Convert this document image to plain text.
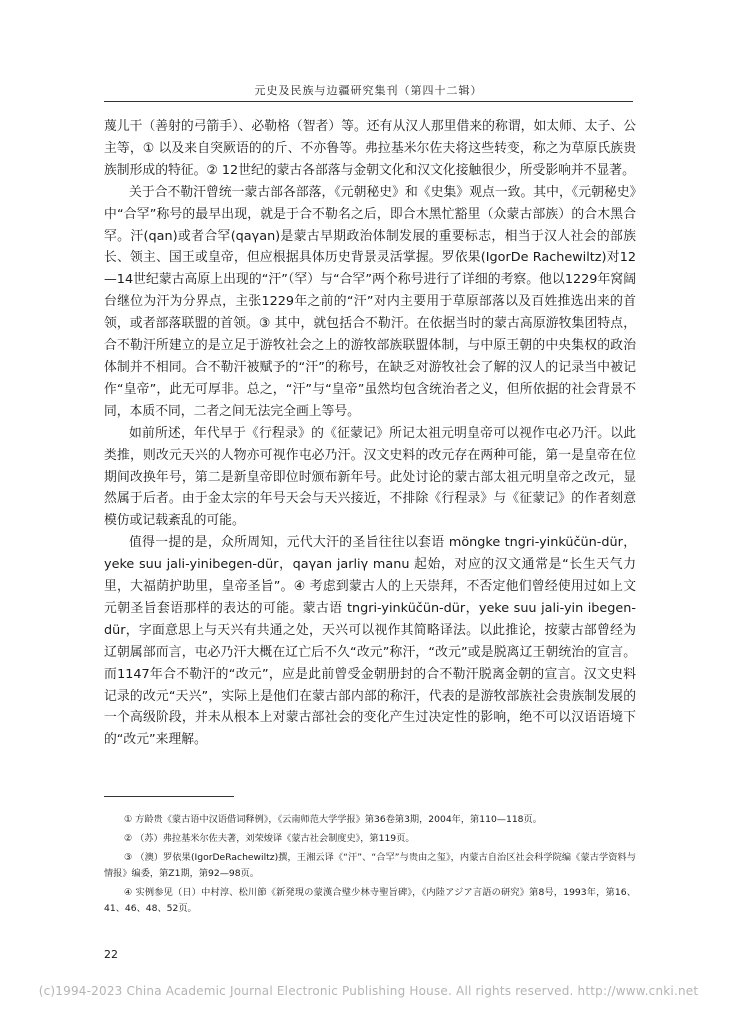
元史及民族与边疆研究集刊（第四十二辑）

蔑儿干（善射的弓箭手）、必勒格（智者）等。还有从汉人那里借来的称谓，如太师、太子、公主等，① 以及来自突厥语的的斤、不亦鲁等。弗拉基米尔佐夫将这些转变，称之为草原氏族贵族制形成的特征。② 12世纪的蒙古各部落与金朝文化和汉文化接触很少，所受影响并不显著。

关于合不勒汗曾统一蒙古部各部落，《元朝秘史》和《史集》观点一致。其中，《元朝秘史》中“合罕”称号的最早出现，就是于合不勒名之后，即合木黑忙豁里（众蒙古部族）的合木黑合罕。汗(qan)或者合罕(qaγan)是蒙古早期政治体制发展的重要标志，相当于汉人社会的部族长、领主、国王或皇帝，但应根据具体历史背景灵活掌握。罗依果(IgorDe Rachewiltz)对12—14世纪蒙古高原上出现的“汗”（罕）与“合罕”两个称号进行了详细的考察。他以1229年窝阔台继位为汗为分界点，主张1229年之前的“汗”对内主要用于草原部落以及百姓推选出来的首领，或者部落联盟的首领。③ 其中，就包括合不勒汗。在依据当时的蒙古高原游牧集团特点，合不勒汗所建立的是立足于游牧社会之上的游牧部族联盟体制，与中原王朝的中央集权的政治体制并不相同。合不勒汗被赋予的“汗”的称号，在缺乏对游牧社会了解的汉人的记录当中被记作“皇帝”，此无可厚非。总之，“汗”与“皇帝”虽然均包含统治者之义，但所依据的社会背景不同，本质不同，二者之间无法完全画上等号。

如前所述，年代早于《行程录》的《征蒙记》所记太祖元明皇帝可以视作屯必乃汗。以此类推，则改元天兴的人物亦可视作屯必乃汗。汉文史料的改元存在两种可能，第一是皇帝在位期间改换年号，第二是新皇帝即位时颁布新年号。此处讨论的蒙古部太祖元明皇帝之改元，显然属于后者。由于金太宗的年号天会与天兴接近，不排除《行程录》与《征蒙记》的作者刻意模仿或记载紊乱的可能。

值得一提的是，众所周知，元代大汗的圣旨往往以套语 möngke tngri-yinküčün-dür，yeke suu jali-yinibegen-dür，qaγan jarliγ manu 起始，对应的汉文通常是“长生天气力里，大福荫护助里，皇帝圣旨”。④ 考虑到蒙古人的上天崇拜，不否定他们曾经使用过如上文元朝圣旨套语那样的表达的可能。蒙古语 tngri-yinküčün-dür，yeke suu jali-yin ibegen-dür，字面意思上与天兴有共通之处，天兴可以视作其简略译法。以此推论，按蒙古部曾经为辽朝属部而言，屯必乃汗大概在辽亡后不久“改元”称汗，“改元”或是脱离辽王朝统治的宣言。而1147年合不勒汗的“改元”，应是此前曾受金朝册封的合不勒汗脱离金朝的宣言。汉文史料记录的改元“天兴”，实际上是他们在蒙古部内部的称汗，代表的是游牧部族社会贵族制发展的一个高级阶段，并未从根本上对蒙古部社会的变化产生过决定性的影响，绝不可以汉语语境下的“改元”来理解。

① 方龄贵《蒙古语中汉语借词释例》，《云南师范大学学报》第36卷第3期，2004年，第110—118页。

② （苏）弗拉基米尔佐夫著，刘荣焌译《蒙古社会制度史》，第119页。

③ （澳）罗依果(IgorDeRachewiltz)撰，王湘云译《“汗”、“合罕”与贵由之玺》，内蒙古自治区社会科学院编《蒙古学资料与情报》编委，第Z1期，第92—98页。

④ 实例参见（日）中村淳、松川節《新発現の蒙漢合璧少林寺聖旨碑》，《内陸アジア言語の研究》第8号，1993年，第16、41、46、48、52页。

22
(c)1994-2023 China Academic Journal Electronic Publishing House. All rights reserved. http://www.cnki.net
